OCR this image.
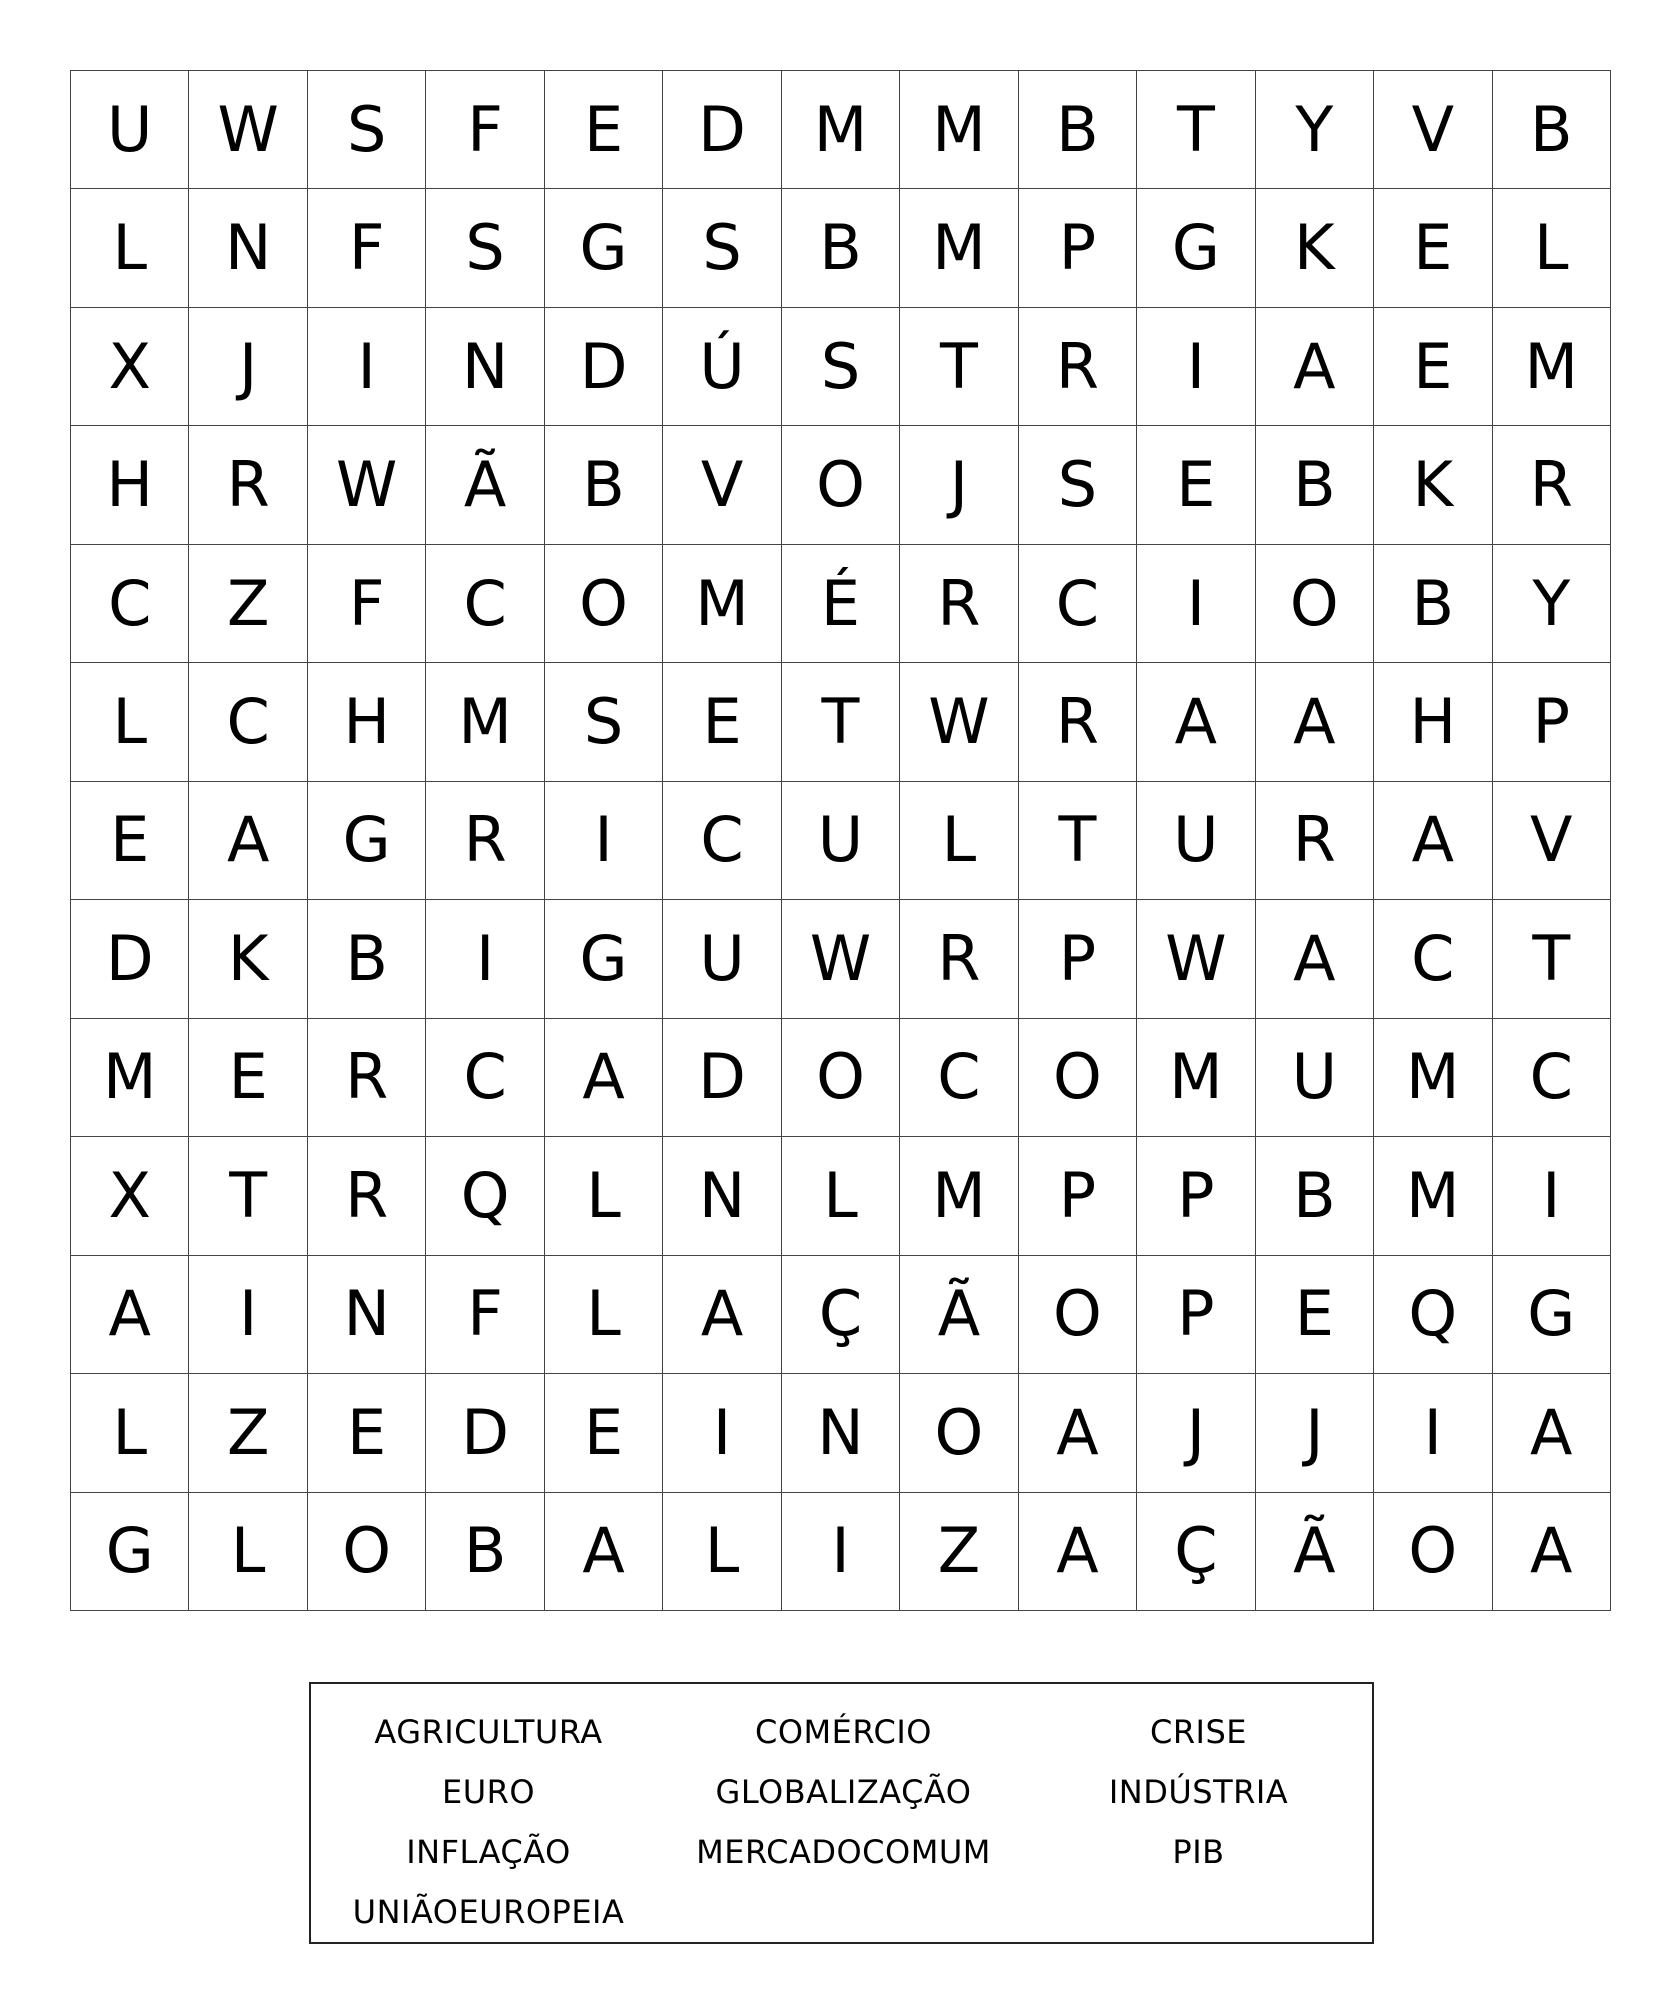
U	W	S	F	E	D	M	M	B	T	Y	V	B
L	N	F	S	G	S	B	M	P	G	K	E	L
X	J	I	N	D	Ú	S	T	R	I	A	E	M
H	R	W	Ã	B	V	O	J	S	E	B	K	R
C	Z	F	C	O	M	É	R	C	I	O	B	Y
L	C	H	M	S	E	T	W	R	A	A	H	P
E	A	G	R	I	C	U	L	T	U	R	A	V
D	K	B	I	G	U	W	R	P	W	A	C	T
M	E	R	C	A	D	O	C	O	M	U	M	C
X	T	R	Q	L	N	L	M	P	P	B	M	I
A	I	N	F	L	A	Ç	Ã	O	P	E	Q	G
L	Z	E	D	E	I	N	O	A	J	J	I	A
G	L	O	B	A	L	I	Z	A	Ç	Ã	O	A
AGRICULTURA	COMÉRCIO	CRISE
EURO	GLOBALIZAÇÃO	INDÚSTRIA
INFLAÇÃO	MERCADOCOMUM	PIB
UNIÃOEUROPEIA
